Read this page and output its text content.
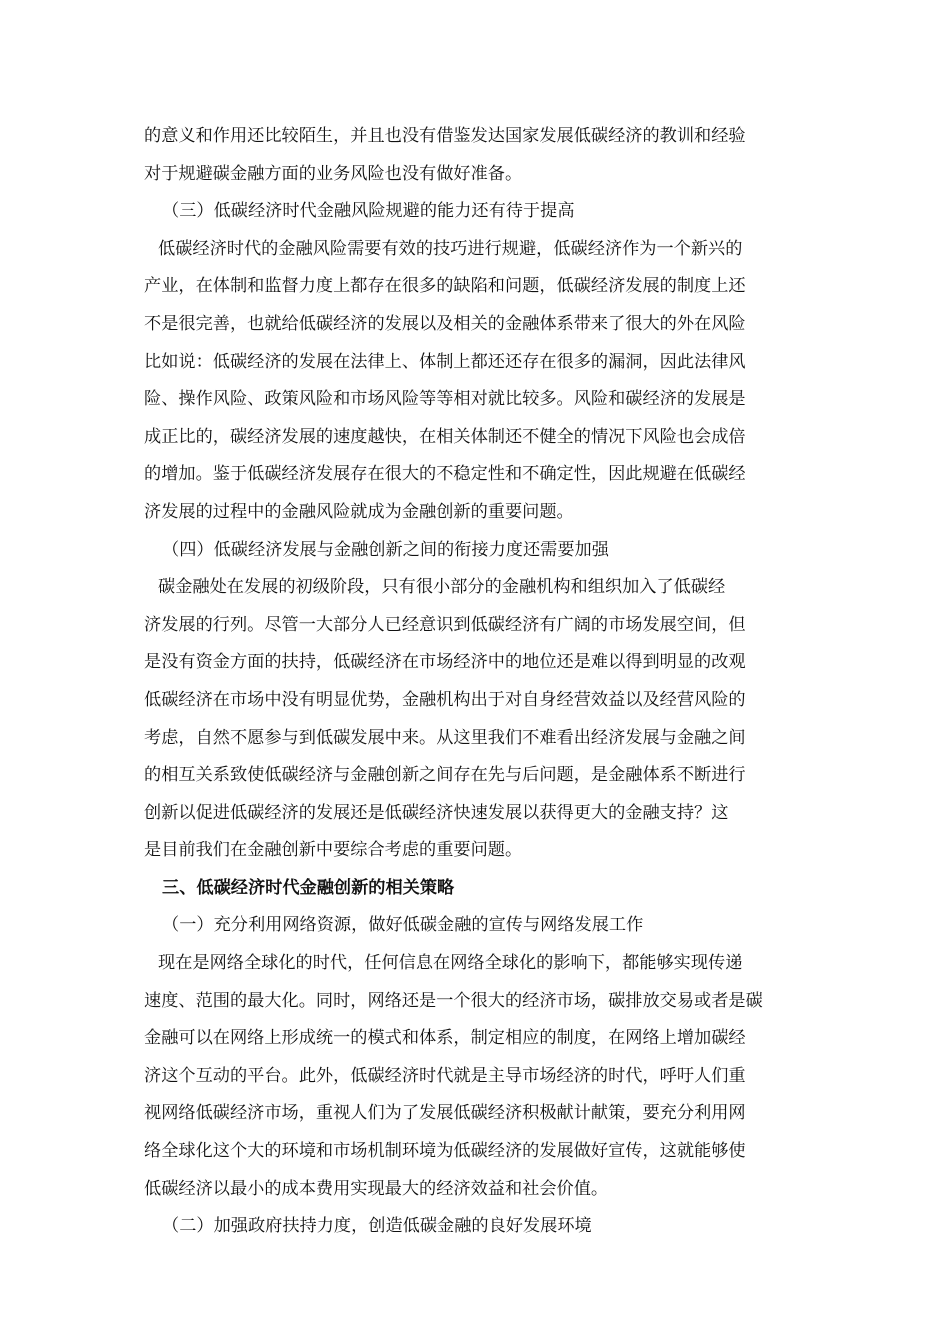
的意义和作用还比较陌生，并且也没有借鉴发达国家发展低碳经济的教训和经验
对于规避碳金融方面的业务风险也没有做好准备。
（三）低碳经济时代金融风险规避的能力还有待于提高
低碳经济时代的金融风险需要有效的技巧进行规避，低碳经济作为一个新兴的
产业，在体制和监督力度上都存在很多的缺陷和问题，低碳经济发展的制度上还
不是很完善，也就给低碳经济的发展以及相关的金融体系带来了很大的外在风险
比如说：低碳经济的发展在法律上、体制上都还还存在很多的漏洞，因此法律风
险、操作风险、政策风险和市场风险等等相对就比较多。风险和碳经济的发展是
成正比的，碳经济发展的速度越快，在相关体制还不健全的情况下风险也会成倍
的增加。鉴于低碳经济发展存在很大的不稳定性和不确定性，因此规避在低碳经
济发展的过程中的金融风险就成为金融创新的重要问题。
（四）低碳经济发展与金融创新之间的衔接力度还需要加强
碳金融处在发展的初级阶段，只有很小部分的金融机构和组织加入了低碳经
济发展的行列。尽管一大部分人已经意识到低碳经济有广阔的市场发展空间，但
是没有资金方面的扶持，低碳经济在市场经济中的地位还是难以得到明显的改观
低碳经济在市场中没有明显优势，金融机构出于对自身经营效益以及经营风险的
考虑，自然不愿参与到低碳发展中来。从这里我们不难看出经济发展与金融之间
的相互关系致使低碳经济与金融创新之间存在先与后问题，是金融体系不断进行
创新以促进低碳经济的发展还是低碳经济快速发展以获得更大的金融支持？这
是目前我们在金融创新中要综合考虑的重要问题。
三、低碳经济时代金融创新的相关策略
（一）充分利用网络资源，做好低碳金融的宣传与网络发展工作
现在是网络全球化的时代，任何信息在网络全球化的影响下，都能够实现传递
速度、范围的最大化。同时，网络还是一个很大的经济市场，碳排放交易或者是碳
金融可以在网络上形成统一的模式和体系，制定相应的制度，在网络上增加碳经
济这个互动的平台。此外，低碳经济时代就是主导市场经济的时代，呼吁人们重
视网络低碳经济市场，重视人们为了发展低碳经济积极献计献策，要充分利用网
络全球化这个大的环境和市场机制环境为低碳经济的发展做好宣传，这就能够使
低碳经济以最小的成本费用实现最大的经济效益和社会价值。
（二）加强政府扶持力度，创造低碳金融的良好发展环境
